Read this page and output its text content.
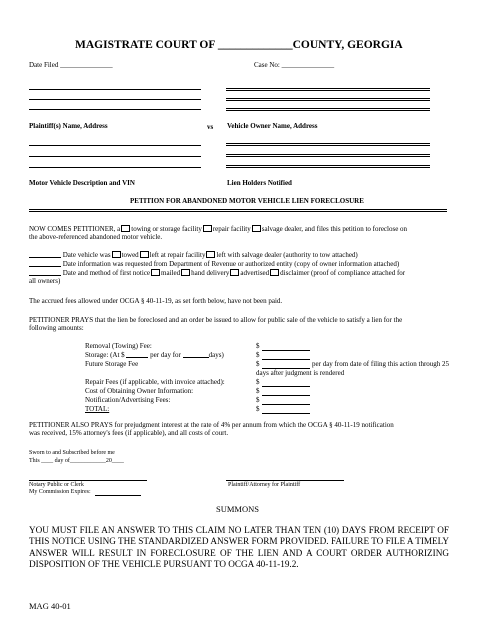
MAGISTRATE COURT OF _____________COUNTY, GEORGIA
Date Filed _______________	Case No: _______________
Plaintiff(s) Name, Address	vs Vehicle Owner Name, Address
Motor Vehicle Description and VIN	Lien Holders Notified
PETITION FOR ABANDONED MOTOR VEHICLE LIEN FORECLOSURE
NOW COMES PETITIONER, a towing or storage facility repair facility salvage dealer, and files this petition to foreclose on
the above-referenced abandoned motor vehicle.
Date vehicle was towed left at repair facility left with salvage dealer (authority to tow attached)
Date information was requested from Department of Revenue or authorized entity (copy of owner information attached)
Date and method of first notice mailed hand delivery advertised disclaimer (proof of compliance attached for
all owners)
The accrued fees allowed under OCGA § 40-11-19, as set forth below, have not been paid.
PETITIONER PRAYS that the lien be foreclosed and an order be issued to allow for public sale of the vehicle to satisfy a lien for the
following amounts:
Removal (Towing) Fee:	$
Storage: (At $	per day for	days)	$
Future Storage Fee	$	per day from date of filing this action through 25
days after judgment is rendered
Repair Fees (if applicable, with invoice attached):	$
Cost of Obtaining Owner Information:	$
Notification/Advertising Fees:	$
TOTAL:	$
PETITIONER ALSO PRAYS for prejudgment interest at the rate of 4% per annum from which the OCGA § 40-11-19 notification
was received, 15% attorney's fees (if applicable), and all costs of court.
Sworn to and Subscribed before me
This ____ day of____________20____
Notary Public or Clerk
My Commission Expires:
Plaintiff/Attorney for Plaintiff
SUMMONS
YOU MUST FILE AN ANSWER TO THIS CLAIM NO LATER THAN TEN (10) DAYS FROM RECEIPT OF THIS NOTICE USING THE STANDARDIZED ANSWER FORM PROVIDED. FAILURE TO FILE A TIMELY ANSWER WILL RESULT IN FORECLOSURE OF THE LIEN AND A COURT ORDER AUTHORIZING DISPOSITION OF THE VEHICLE PURSUANT TO OCGA 40-11-19.2.
MAG 40-01
